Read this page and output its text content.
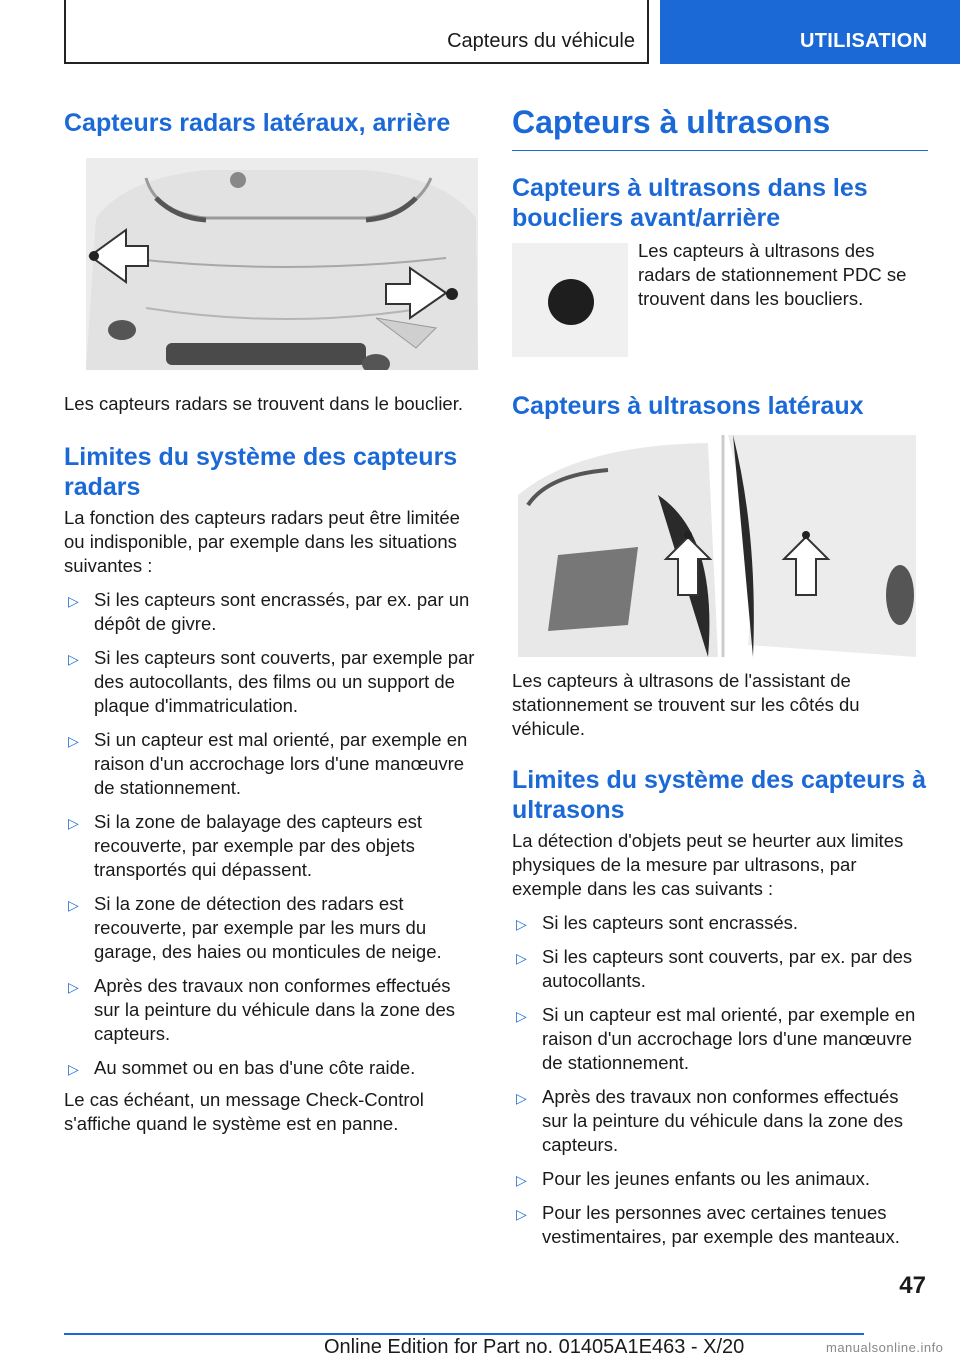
Capteurs du véhicule	UTILISATION
Capteurs radars latéraux, arrière

Les capteurs radars se trouvent dans le bouclier.

Limites du système des capteurs radars

La fonction des capteurs radars peut être limitée ou indisponible, par exemple dans les situations suivantes :

▷ Si les capteurs sont encrassés, par ex. par un dépôt de givre.
▷ Si les capteurs sont couverts, par exemple par des autocollants, des films ou un support de plaque d'immatriculation.
▷ Si un capteur est mal orienté, par exemple en raison d'un accrochage lors d'une manœuvre de stationnement.
▷ Si la zone de balayage des capteurs est recouverte, par exemple par des objets transportés qui dépassent.
▷ Si la zone de détection des radars est recouverte, par exemple par les murs du garage, des haies ou monticules de neige.
▷ Après des travaux non conformes effectués sur la peinture du véhicule dans la zone des capteurs.
▷ Au sommet ou en bas d'une côte raide.

Le cas échéant, un message Check-Control s'affiche quand le système est en panne.

Capteurs à ultrasons
Capteurs à ultrasons dans les boucliers avant/arrière

Les capteurs à ultrasons des radars de stationnement PDC se trouvent dans les boucliers.

Capteurs à ultrasons latéraux

Les capteurs à ultrasons de l'assistant de stationnement se trouvent sur les côtés du véhicule.

Limites du système des capteurs à ultrasons

La détection d'objets peut se heurter aux limites physiques de la mesure par ultrasons, par exemple dans les cas suivants :

▷ Si les capteurs sont encrassés.
▷ Si les capteurs sont couverts, par ex. par des autocollants.
▷ Si un capteur est mal orienté, par exemple en raison d'un accrochage lors d'une manœuvre de stationnement.
▷ Après des travaux non conformes effectués sur la peinture du véhicule dans la zone des capteurs.
▷ Pour les jeunes enfants ou les animaux.
▷ Pour les personnes avec certaines tenues vestimentaires, par exemple des manteaux.
47
Online Edition for Part no. 01405A1E463 - X/20	manualsonline.info
